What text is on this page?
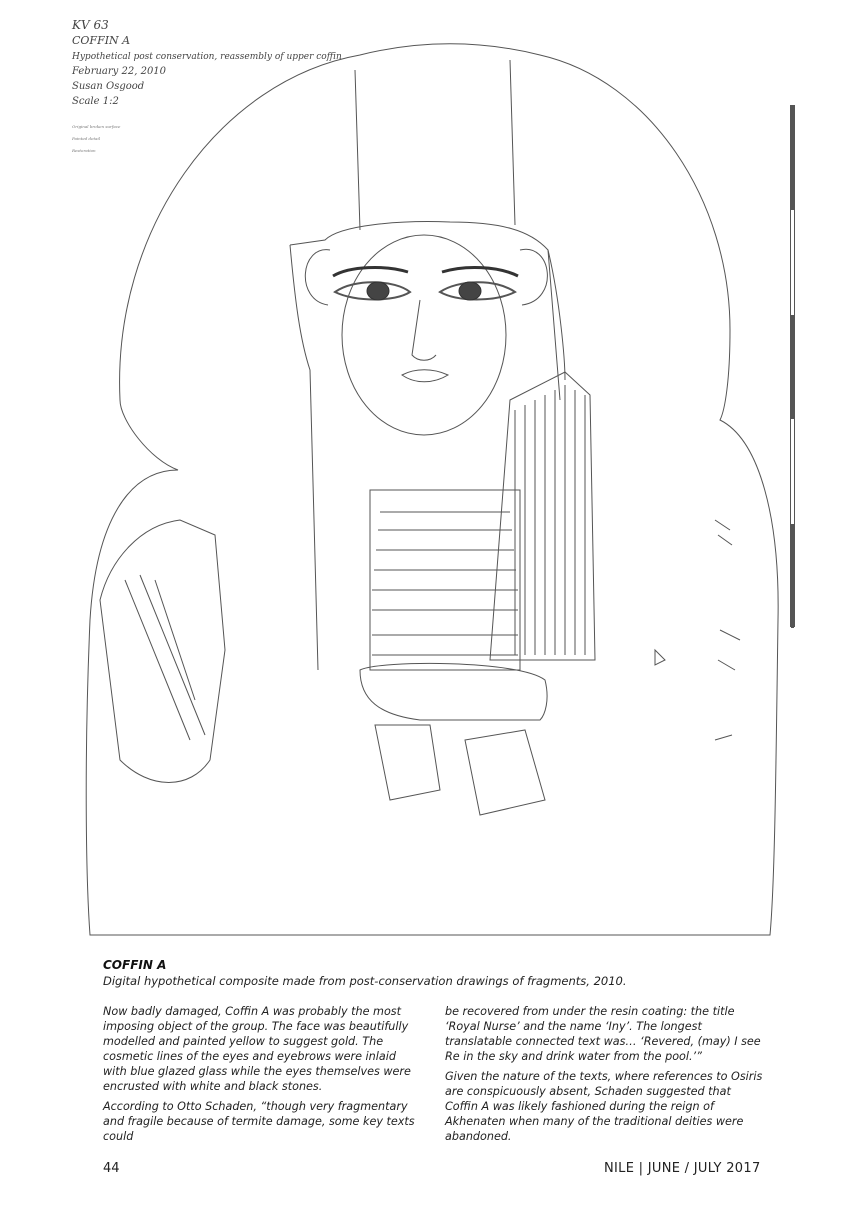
KV 63
COFFIN A
Hypothetical post conservation, reassembly of upper coffin
February 22, 2010
Susan Osgood
Scale 1:2
Original broken surface
Painted detail
Restoration
COFFIN A
Digital hypothetical composite made from post-conservation drawings of fragments, 2010.

Now badly damaged, Coffin A was probably the most imposing object of the group. The face was beautifully modelled and painted yellow to suggest gold. The cosmetic lines of the eyes and eyebrows were inlaid with blue glazed glass while the eyes themselves were encrusted with white and black stones.

According to Otto Schaden, “though very fragmentary and fragile because of termite damage, some key texts could

be recovered from under the resin coating: the title ‘Royal Nurse’ and the name ‘Iny’. The longest translatable connected text was… ‘Revered, (may) I see Re in the sky and drink water from the pool.’”

Given the nature of the texts, where references to Osiris are conspicuously absent, Schaden suggested that Coffin A was likely fashioned during the reign of Akhenaten when many of the traditional deities were abandoned.

44	NILE | JUNE / JULY 2017
